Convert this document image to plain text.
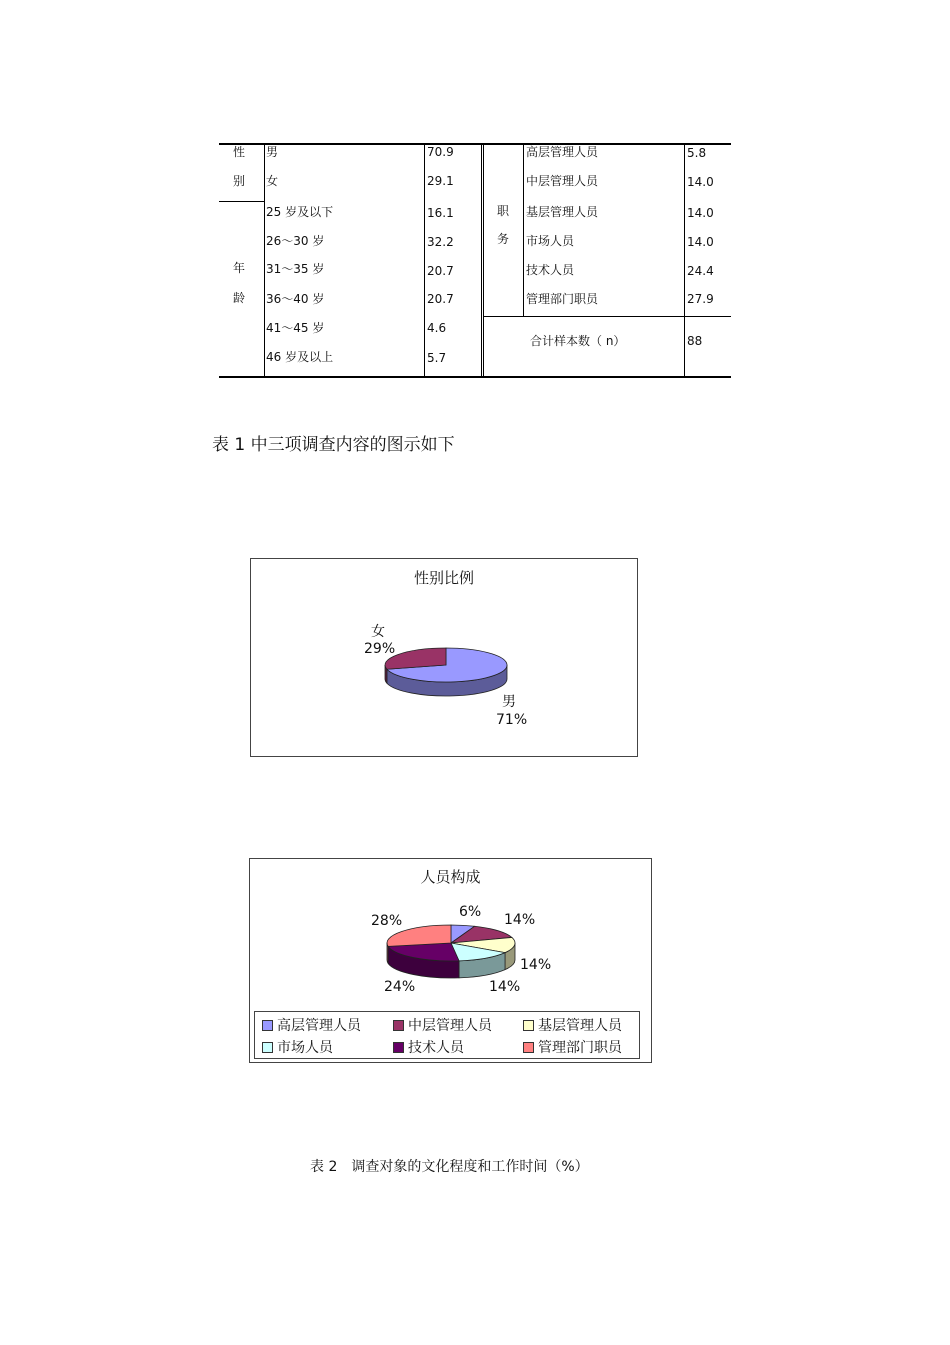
性
别
男	70.9
女	29.1
年
龄
25 岁及以下	16.1
26～30 岁	32.2
31～35 岁	20.7
36～40 岁	20.7
41～45 岁	4.6
46 岁及以上	5.7
职
务
高层管理人员	5.8
中层管理人员	14.0
基层管理人员	14.0
市场人员	14.0
技术人员	24.4
管理部门职员	27.9
合计样本数（ n）	88
表 1 中三项调查内容的图示如下
性别比例
女
29%
男
71%
人员构成
6% 14%
14%
14%
24%
28%
高层管理人员	中层管理人员	基层管理人员
市场人员	技术人员	管理部门职员
表 2　调查对象的文化程度和工作时间（%）
